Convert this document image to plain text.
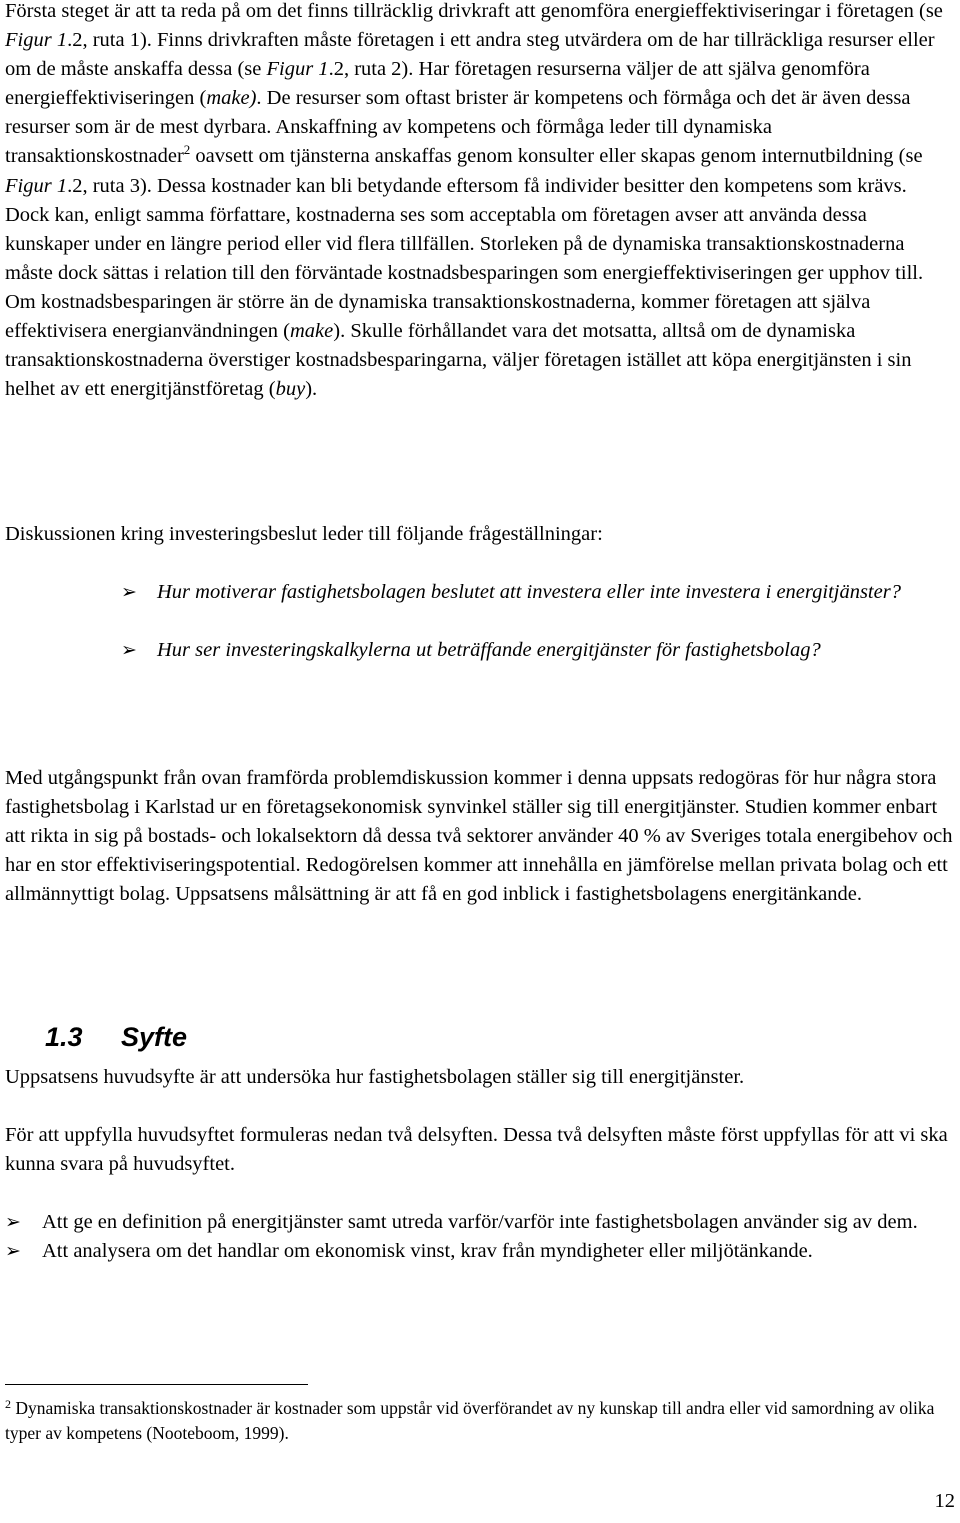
Första steget är att ta reda på om det finns tillräcklig drivkraft att genomföra energieffektiviseringar i företagen (se Figur 1.2, ruta 1). Finns drivkraften måste företagen i ett andra steg utvärdera om de har tillräckliga resurser eller om de måste anskaffa dessa (se Figur 1.2, ruta 2). Har företagen resurserna väljer de att själva genomföra energieffektiviseringen (make). De resurser som oftast brister är kompetens och förmåga och det är även dessa resurser som är de mest dyrbara. Anskaffning av kompetens och förmåga leder till dynamiska transaktionskostnader$^2$ oavsett om tjänsterna anskaffas genom konsulter eller skapas genom internutbildning (se Figur 1.2, ruta 3). Dessa kostnader kan bli betydande eftersom få individer besitter den kompetens som krävs. Dock kan, enligt samma författare, kostnaderna ses som acceptabla om företagen avser att använda dessa kunskaper under en längre period eller vid flera tillfällen. Storleken på de dynamiska transaktionskostnaderna måste dock sättas i relation till den förväntade kostnadsbesparingen som energieffektiviseringen ger upphov till. Om kostnadsbesparingen är större än de dynamiska transaktionskostnaderna, kommer företagen att själva effektivisera energianvändningen (make). Skulle förhållandet vara det motsatta, alltså om de dynamiska transaktionskostnaderna överstiger kostnadsbesparingarna, väljer företagen istället att köpa energitjänsten i sin helhet av ett energitjänstföretag (buy).

Diskussionen kring investeringsbeslut leder till följande frågeställningar:

➢ Hur motiverar fastighetsbolagen beslutet att investera eller inte investera i energitjänster?
➢ Hur ser investeringskalkylerna ut beträffande energitjänster för fastighetsbolag?

Med utgångspunkt från ovan framförda problemdiskussion kommer i denna uppsats redogöras för hur några stora fastighetsbolag i Karlstad ur en företagsekonomisk synvinkel ställer sig till energitjänster. Studien kommer enbart att rikta in sig på bostads- och lokalsektorn då dessa två sektorer använder 40 % av Sveriges totala energibehov och har en stor effektiviseringspotential. Redogörelsen kommer att innehålla en jämförelse mellan privata bolag och ett allmännyttigt bolag. Uppsatsens målsättning är att få en god inblick i fastighetsbolagens energitänkande.

1.3 Syfte

Uppsatsens huvudsyfte är att undersöka hur fastighetsbolagen ställer sig till energitjänster.

För att uppfylla huvudsyftet formuleras nedan två delsyften. Dessa två delsyften måste först uppfyllas för att vi ska kunna svara på huvudsyftet.

➢ Att ge en definition på energitjänster samt utreda varför/varför inte fastighetsbolagen använder sig av dem.
➢ Att analysera om det handlar om ekonomisk vinst, krav från myndigheter eller miljötänkande.
$^2$ Dynamiska transaktionskostnader är kostnader som uppstår vid överförandet av ny kunskap till andra eller vid samordning av olika typer av kompetens (Nooteboom, 1999).
12
